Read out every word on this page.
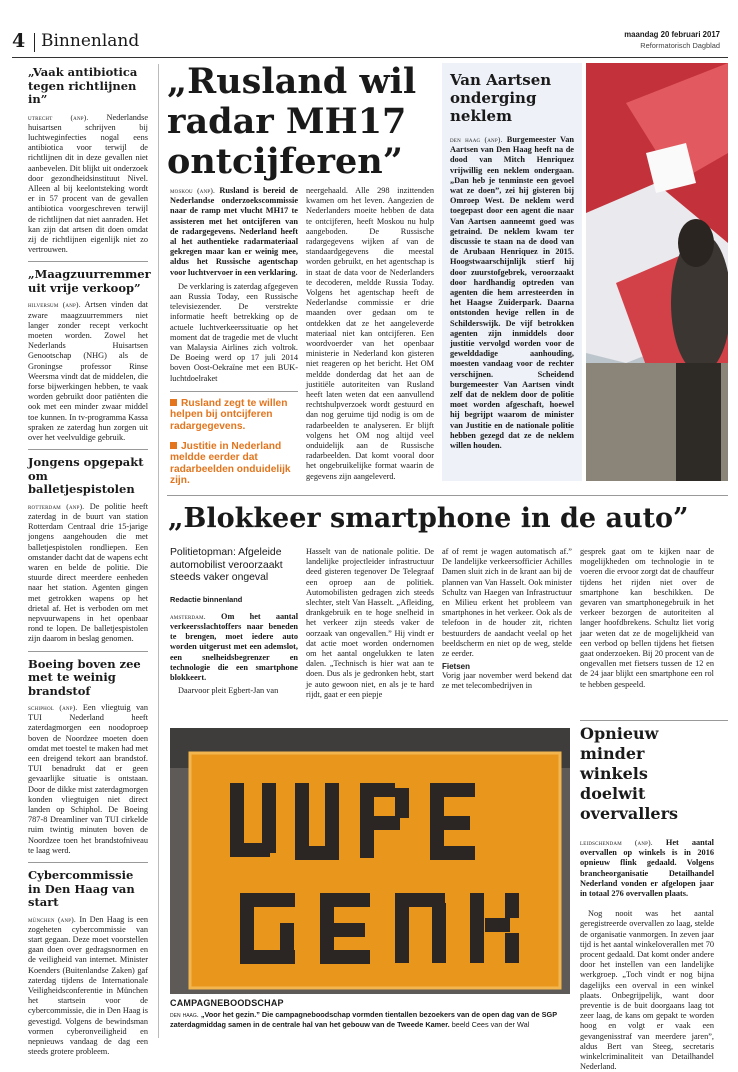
4 Binnenland	maandag 20 februari 2017
Reformatorisch Dagblad
„Vaak antibiotica tegen richtlijnen in”

utrecht (anp). Nederlandse huisartsen schrijven bij luchtweginfecties nogal eens antibiotica voor terwijl de richtlijnen dit in deze gevallen niet aanbevelen. Dit blijkt uit onderzoek door gezondheidsinstituut Nivel. Alleen al bij keelontsteking wordt er in 57 procent van de gevallen antibiotica voorgeschreven terwijl de richtlijnen dat niet aanraden. Het kan zijn dat artsen dit doen omdat zij de richtlijnen eigenlijk niet zo vertrouwen.

„Maagzuurremmer uit vrije verkoop”

hilversum (anp). Artsen vinden dat zware maagzuurremmers niet langer zonder recept verkocht moeten worden. Zowel het Nederlands Huisartsen Genootschap (NHG) als de Groningse professor Rinse Weersma vindt dat de middelen, die forse bijwerkingen hebben, te vaak worden gebruikt door patiënten die ook met een minder zwaar middel toe kunnen. In tv-programma Kassa spraken ze zaterdag hun zorgen uit over het veelvuldige gebruik.

Jongens opgepakt om balletjespistolen

rotterdam (anp). De politie heeft zaterdag in de buurt van station Rotterdam Centraal drie 15-jarige jongens aangehouden die met balletjespistolen rondliepen. Een omstander dacht dat de wapens echt waren en belde de politie. Die stuurde direct meerdere eenheden naar het station. Agenten gingen met getrokken wapens op het drietal af. Het is verboden om met nepvuurwapens in het openbaar rond te lopen. De balletjespistolen zijn daarom in beslag genomen.

Boeing boven zee met te weinig brandstof

schiphol (anp). Een vliegtuig van TUI Nederland heeft zaterdagmorgen een noodoproep boven de Noordzee moeten doen omdat met toestel te maken had met een dreigend tekort aan brandstof. TUI benadrukt dat er geen gevaarlijke situatie is ontstaan. Door de dikke mist zaterdagmorgen konden vliegtuigen niet direct landen op Schiphol. De Boeing 787-8 Dreamliner van TUI cirkelde ruim twintig minuten boven de Noordzee toen het brandstofniveau te laag werd.

Cybercommissie in Den Haag van start

münchen (anp). In Den Haag is een zogeheten cybercommissie van start gegaan. Deze moet voorstellen gaan doen over gedragsnormen en de veiligheid van internet. Minister Koenders (Buitenlandse Zaken) gaf zaterdag tijdens de Internationale Veiligheidsconferentie in München het startsein voor de cybercommissie, die in Den Haag is gevestigd. Volgens de bewindsman vormen cyberonveiligheid en nepnieuws vandaag de dag een steeds grotere probleem.

„Rusland wil radar MH17 ontcijferen”

moskou (anp). Rusland is bereid de Nederlandse onderzoekscommissie naar de ramp met vlucht MH17 te assisteren met het ontcijferen van de radargegevens. Nederland heeft al het authentieke radarmateriaal gekregen maar kan er weinig mee, aldus het Russische agentschap voor luchtvervoer in een verklaring.

De verklaring is zaterdag afgegeven aan Russia Today, een Russische televisiezender. De verstrekte informatie heeft betrekking op de actuele luchtverkeerssituatie op het moment dat de tragedie met de vlucht van Malaysia Airlines zich voltrok. De Boeing werd op 17 juli 2014 boven Oost-Oekraïne met een BUK-luchtdoelraket

Rusland zegt te willen helpen bij ontcijferen radargegevens.
Justitie in Nederland meldde eerder dat radarbeelden onduidelijk zijn.

neergehaald. Alle 298 inzittenden kwamen om het leven. Aangezien de Nederlanders moeite hebben de data te ontcijferen, heeft Moskou nu hulp aangeboden. De Russische radargegevens wijken af van de standaardgegevens die meestal worden gebruikt, en het agentschap is in staat de data voor de Nederlanders te decoderen, meldde Russia Today. Volgens het agentschap heeft de Nederlandse commissie er drie maanden over gedaan om te ontdekken dat ze het aangeleverde materiaal niet kan ontcijferen. Een woordvoerder van het openbaar ministerie in Nederland kon gisteren niet reageren op het bericht. Het OM meldde donderdag dat het aan de justitiële autoriteiten van Rusland heeft laten weten dat een aanvullend rechtshulpverzoek wordt gestuurd en dan nog geruime tijd nodig is om de radarbeelden te analyseren. Er blijft volgens het OM nog altijd veel onduidelijk aan de Russische radarbeelden. Dat komt vooral door het ongebruikelijke format waarin de gegevens zijn aangeleverd.

Van Aartsen onderging neklem

den haag (anp). Burgemeester Van Aartsen van Den Haag heeft na de dood van Mitch Henriquez vrijwillig een neklem ondergaan. „Dan heb je tenminste een gevoel wat ze doen”, zei hij gisteren bij Omroep West. De neklem werd toegepast door een agent die naar Van Aartsen aanneemt goed was getraind. De neklem kwam ter discussie te staan na de dood van de Arubaan Henriquez in 2015. Hoogstwaarschijnlijk stierf hij door zuurstofgebrek, veroorzaakt door hardhandig optreden van agenten die hem arresteerden in het Haagse Zuiderpark. Daarna ontstonden hevige rellen in de Schilderswijk. De vijf betrokken agenten zijn inmiddels door justitie vervolgd worden voor de gewelddadige aanhouding, moesten vandaag voor de rechter verschijnen. Scheidend burgemeester Van Aartsen vindt zelf dat de neklem door de politie moet worden afgeschaft, hoewel hij begrijpt waarom de minister van Justitie en de nationale politie hebben gezegd dat ze de neklem willen houden.

„Blokkeer smartphone in de auto”
Politietopman: Afgeleide automobilist veroorzaakt steeds vaker ongeval
Redactie binnenland

amsterdam. Om het aantal verkeersslachtoffers naar beneden te brengen, moet iedere auto worden uitgerust met een ademslot, een snelheidsbegrenzer en technologie die een smartphone blokkeert.

Daarvoor pleit Egbert-Jan van

Hasselt van de nationale politie. De landelijke projectleider infrastructuur deed gisteren tegenover De Telegraaf een oproep aan de politiek. Automobilisten gedragen zich steeds slechter, stelt Van Hasselt. „Afleiding, drankgebruik en te hoge snelheid in het verkeer zijn steeds vaker de oorzaak van ongevallen.” Hij vindt er dat actie moet worden ondernomen om het aantal ongelukken te laten dalen. „Technisch is hier wat aan te doen. Dus als je gedronken hebt, start je auto gewoon niet, en als je te hard rijdt, gaat er een piepje

af of remt je wagen automatisch af.” De landelijke verkeersofficier Achilles Damen sluit zich in de krant aan bij de plannen van Van Hasselt. Ook minister Schultz van Haegen van Infrastructuur en Milieu erkent het probleem van smartphones in het verkeer. Ook als de telefoon in de houder zit, richten bestuurders de aandacht veelal op het beeldscherm en niet op de weg, stelde ze eerder.

Fietsen

Vorig jaar november werd bekend dat ze met telecombedrijven in

gesprek gaat om te kijken naar de mogelijkheden om technologie in te voeren die ervoor zorgt dat de chauffeur tijdens het rijden niet over de smartphone kan beschikken. De gevaren van smartphonegebruik in het verkeer bezorgen de autoriteiten al langer hoofdbrekens. Schultz liet vorig jaar weten dat ze de mogelijkheid van een verbod op bellen tijdens het fietsen gaat onderzoeken. Bij 20 procent van de ongevallen met fietsers tussen de 12 en de 24 jaar blijkt een smartphone een rol te hebben gespeeld.

CAMPAGNEBOODSCHAP

den haag. „Voor het gezin.” Die campagneboodschap vormden tientallen bezoekers van de open dag van de SGP zaterdagmiddag samen in de centrale hal van het gebouw van de Tweede Kamer. beeld Cees van der Wal

Opnieuw minder winkels doelwit overvallers

leidschendam (anp). Het aantal overvallen op winkels is in 2016 opnieuw flink gedaald. Volgens brancheorganisatie Detailhandel Nederland vonden er afgelopen jaar in totaal 276 overvallen plaats.

Nog nooit was het aantal geregistreerde overvallen zo laag, stelde de organisatie vanmorgen. In zeven jaar tijd is het aantal winkeloverallen met 70 procent gedaald. Dat komt onder andere door het instellen van een landelijke werkgroep. „Toch vindt er nog bijna dagelijks een overval in een winkel plaats. Onbegrijpelijk, want door preventie is de buit doorgaans laag tot zeer laag, de kans om gepakt te worden hoog en volgt er vaak een gevangenisstraf van meerdere jaren”, aldus Bert van Steeg, secretaris winkelcriminaliteit van Detailhandel Nederland.
